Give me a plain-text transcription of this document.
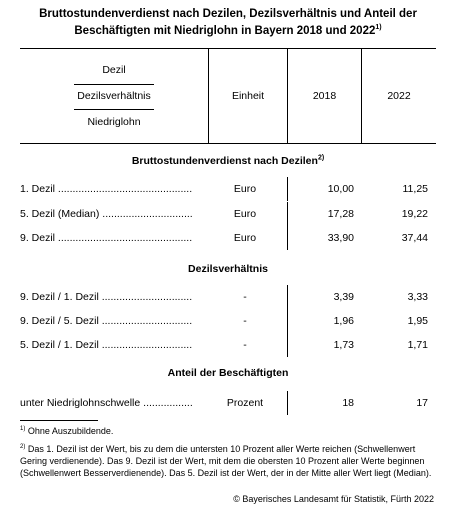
Bruttostundenverdienst nach Dezilen, Dezilsverhältnis und Anteil der
Beschäftigten mit Niedriglohn in Bayern 2018 und 2022$^{1)}$
Dezil
Dezilsverhältnis
Niedriglohn
Einheit	2018	2022
Bruttostundenverdienst nach Dezilen$^{2)}$
1. Dezil ..............................................	Euro	10,00	11,25
5. Dezil (Median) ...............................	Euro	17,28	19,22
9. Dezil ..............................................	Euro	33,90	37,44
Dezilsverhältnis
9. Dezil / 1. Dezil ...............................	-	3,39	3,33
9. Dezil / 5. Dezil ...............................	-	1,96	1,95
5. Dezil / 1. Dezil ...............................	-	1,73	1,71
Anteil der Beschäftigten
unter Niedriglohnschwelle .................	Prozent	18	17
$^{1)}$ Ohne Auszubildende.
$^{2)}$ Das 1. Dezil ist der Wert, bis zu dem die untersten 10 Prozent aller Werte reichen (Schwellenwert Gering verdienende). Das 9. Dezil ist der Wert, mit dem die obersten 10 Prozent aller Werte beginnen (Schwellenwert Besserverdienende). Das 5. Dezil ist der Wert, der in der Mitte aller Wert liegt (Median).
© Bayerisches Landesamt für Statistik, Fürth 2022
